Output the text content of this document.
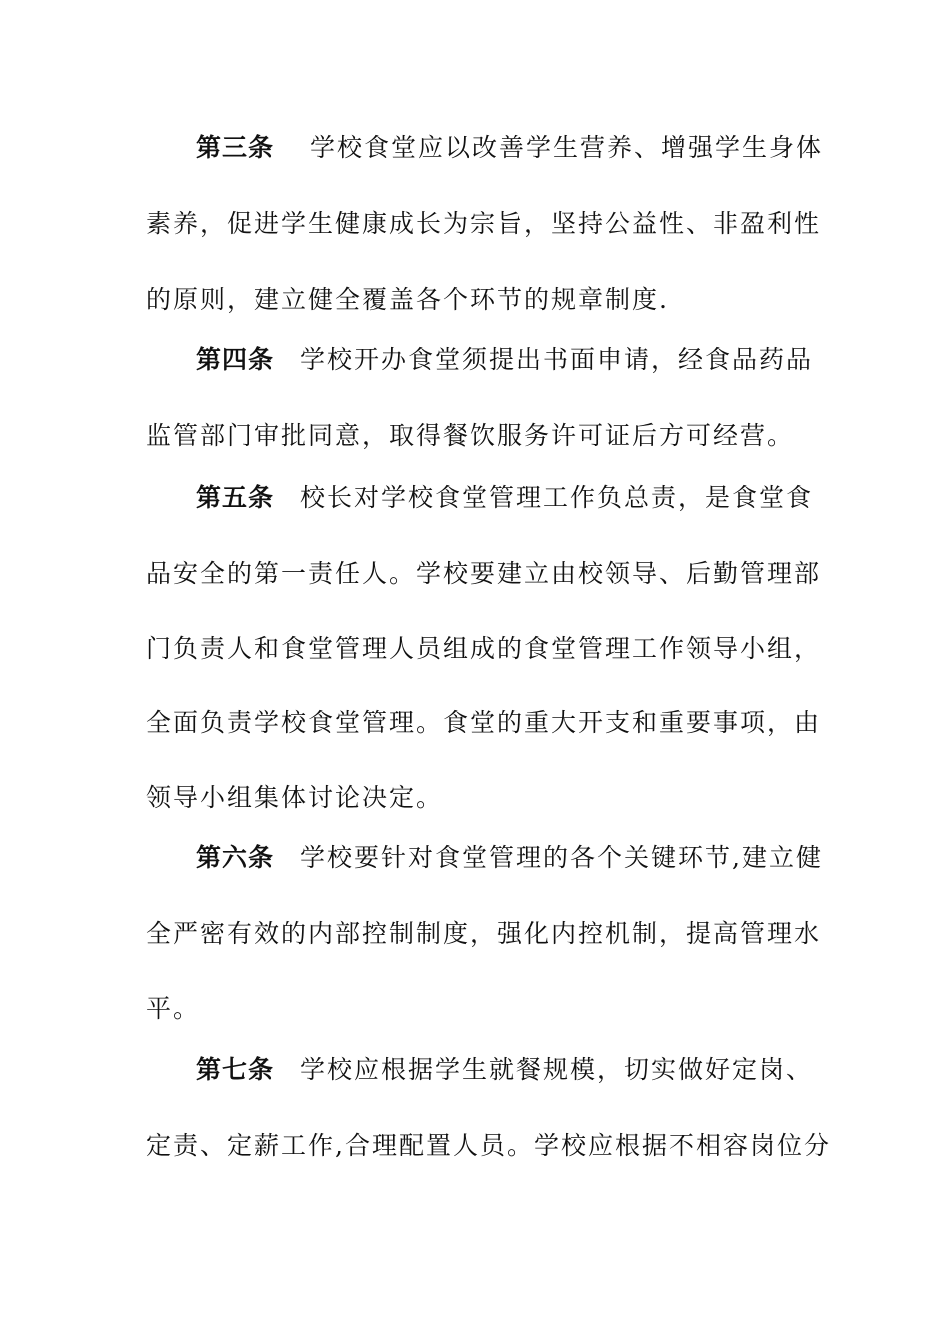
第三条 学校食堂应以改善学生营养、增强学生身体
素养，促进学生健康成长为宗旨，坚持公益性、非盈利性
的原则，建立健全覆盖各个环节的规章制度.
第四条 学校开办食堂须提出书面申请，经食品药品
监管部门审批同意，取得餐饮服务许可证后方可经营。
第五条 校长对学校食堂管理工作负总责，是食堂食
品安全的第一责任人。学校要建立由校领导、后勤管理部
门负责人和食堂管理人员组成的食堂管理工作领导小组，
全面负责学校食堂管理。食堂的重大开支和重要事项，由
领导小组集体讨论决定。
第六条 学校要针对食堂管理的各个关键环节,建立健
全严密有效的内部控制制度，强化内控机制，提高管理水
平。
第七条 学校应根据学生就餐规模，切实做好定岗、
定责、定薪工作,合理配置人员。学校应根据不相容岗位分
